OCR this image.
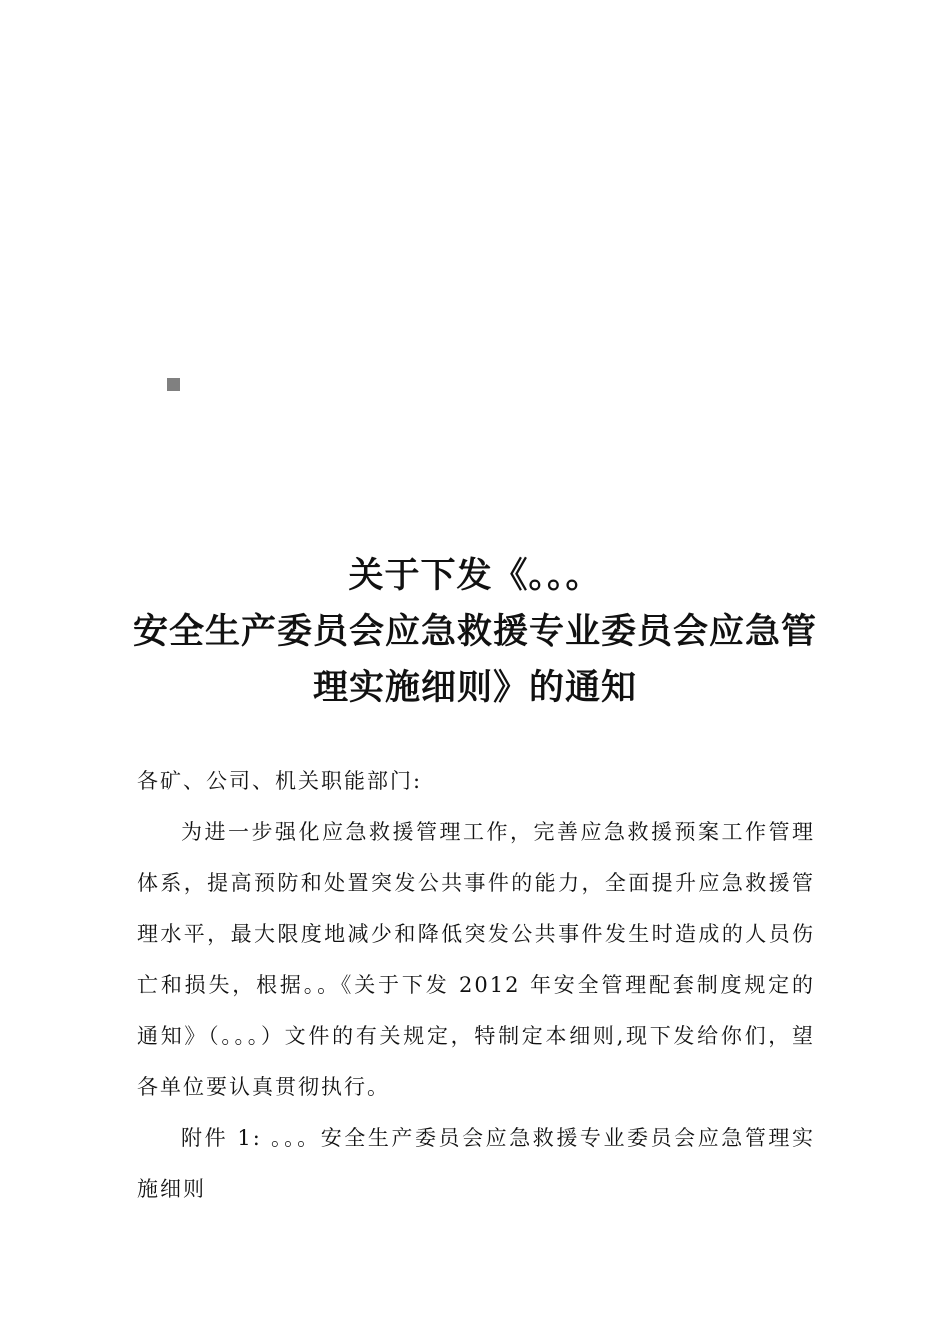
关于下发《。。。
安全生产委员会应急救援专业委员会应急管
理实施细则》的通知

各矿、公司、机关职能部门:

为进一步强化应急救援管理工作，完善应急救援预案工作管理体系，提高预防和处置突发公共事件的能力，全面提升应急救援管理水平，最大限度地减少和降低突发公共事件发生时造成的人员伤亡和损失，根据。。《关于下发 2012 年安全管理配套制度规定的通知》（。。。）文件的有关规定，特制定本细则,现下发给你们，望各单位要认真贯彻执行。

附件 1: 。。。安全生产委员会应急救援专业委员会应急管理实施细则
